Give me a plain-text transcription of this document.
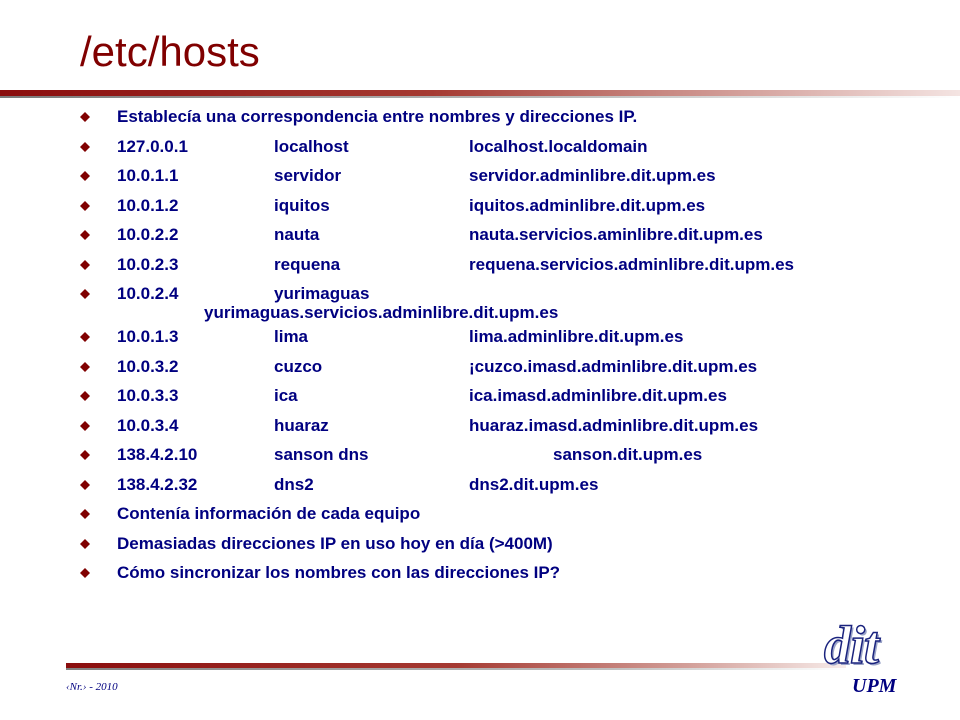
/etc/hosts
Establecía una correspondencia entre nombres y direcciones IP.
127.0.0.1	localhost	localhost.localdomain
10.0.1.1	servidor	servidor.adminlibre.dit.upm.es
10.0.1.2	iquitos	iquitos.adminlibre.dit.upm.es
10.0.2.2	nauta	nauta.servicios.aminlibre.dit.upm.es
10.0.2.3	requena	requena.servicios.adminlibre.dit.upm.es
10.0.2.4	yurimaguas
yurimaguas.servicios.adminlibre.dit.upm.es
10.0.1.3	lima	lima.adminlibre.dit.upm.es
10.0.3.2	cuzco	¡cuzco.imasd.adminlibre.dit.upm.es
10.0.3.3	ica	ica.imasd.adminlibre.dit.upm.es
10.0.3.4	huaraz	huaraz.imasd.adminlibre.dit.upm.es
138.4.2.10	sanson dns	sanson.dit.upm.es
138.4.2.32	dns2	dns2.dit.upm.es
Contenía información de cada equipo
Demasiadas direcciones IP en uso hoy en día (>400M)
Cómo sincronizar los nombres con las direcciones IP?
‹Nr.› - 2010
dit
UPM
